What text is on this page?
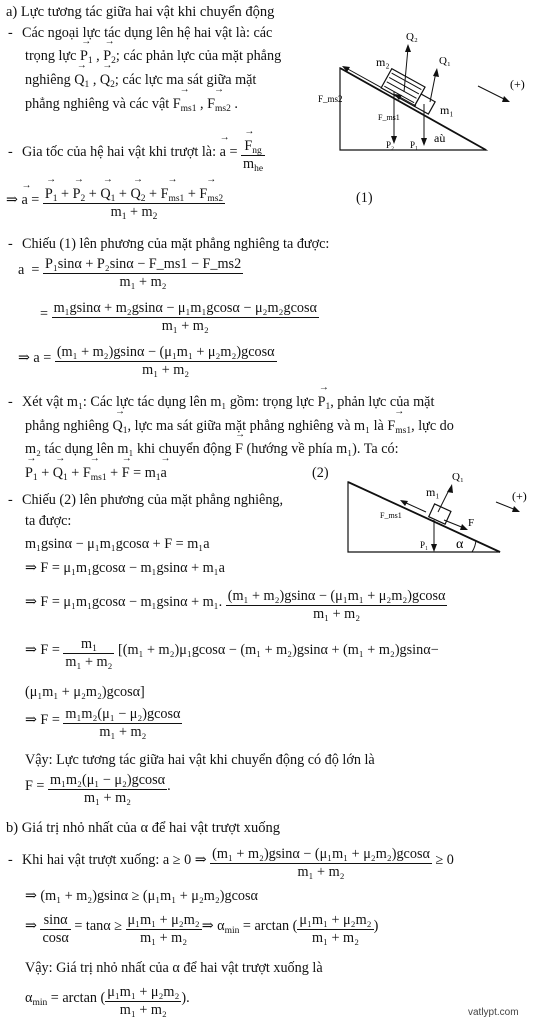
a) Lực tương tác giữa hai vật khi chuyển động
- Các ngoại lực tác dụng lên hệ hai vật là: các
trọng lực → $P_1$ , → $P_2$; các phản lực của mặt phẳng
nghiêng → $Q_1$ , → $Q_2$; các lực ma sát giữa mặt
phẳng nghiêng và các vật → $F_{ms1}$ , → $F_{ms2}$ .
m₂
m₁
Q₂
Q₁
F_ms2
F_ms1
P₂ P₁ aù
(+)
- Gia tốc của hệ hai vật khi trượt là: → a = → $\frac{F_{ng}}{m_{he}}$
⇒ → a = → $\frac{P_1 + \to P_2 + \to Q_1 + \to Q_2 + \to F_{ms1} + \to F_{ms2}}{m_1 + m_2}$	(1)
- Chiếu (1) lên phương của mặt phẳng nghiêng ta được:
$a = \frac{\text{P₁sinα + P₂sinα − F\_ms1 − F\_ms2}}{\text{m₁ + m₂}}$
= $\frac{\text{m₁gsinα + m₂gsinα − μ₁m₁gcosα − μ₂m₂gcosα}}{\text{m₁ + m₂}}$
⇒ $a = \frac{\text{(m₁ + m₂)gsinα − (μ₁m₁ + μ₂m₂)gcosα}}{\text{m₁ + m₂}}$
- Xét vật m₁: Các lực tác dụng lên m₁ gồm: trọng lực → $P_1$, phản lực của mặt
phẳng nghiêng → $Q_1$, lực ma sát giữa mặt phẳng nghiêng và m₁ là → $F_{ms1}$, lực do
m₂ tác dụng lên m₁ khi chuyển động → F (hướng về phía m₁). Ta có:
→ $P_1$ + → $Q_1$ + → $F_{ms1}$ + → $F = m_1\to a$	(2)
- Chiếu (2) lên phương của mặt phẳng nghiêng,
ta được:
m₁
Q₁
F_ms1
F
P₁ α
(+)
m₁gsinα − μ₁m₁gcosα + F = m₁a
⇒ F = μ₁m₁gcosα − m₁gsinα + m₁a
⇒ F = μ₁m₁gcosα − m₁gsinα + m₁. $\frac{\text{(m₁ + m₂)gsinα − (μ₁m₁ + μ₂m₂)gcosα}}{\text{m₁ + m₂}}$
⇒ $F = \frac{m_1}{\text{m₁ + m₂}} [(m_1 + m_2)\mu_1gcos\alpha - (m_1 + m_2)gsin\alpha + (m_1 + m_2)gsin\alpha-$
(μ₁m₁ + μ₂m₂)gcosα]
⇒ $F = \frac{\text{m₁m₂(μ₁ − μ₂)gcosα}}{\text{m₁ + m₂}}$
Vậy: Lực tương tác giữa hai vật khi chuyển động có độ lớn là
$F = \frac{\text{m₁m₂(μ₁ − μ₂)gcosα}}{\text{m₁ + m₂}}$ .
b) Giá trị nhỏ nhất của α để hai vật trượt xuống
- Khi hai vật trượt xuống: a ≥ 0 ⇒ $\frac{\text{(m₁ + m₂)gsinα − (μ₁m₁ + μ₂m₂)gcosα}}{\text{m₁ + m₂}} \ge 0$
⇒ (m₁ + m₂)gsinα ≥ (μ₁m₁ + μ₂m₂)gcosα
⇒ $\frac{\sin\alpha}{\cos\alpha} = \tan\alpha \ge \frac{\text{μ₁m₁ + μ₂m₂}}{\text{m₁ + m₂}}$ ⇒ $\alpha_{min} = \arctan$ ( $\frac{\text{μ₁m₁ + μ₂m₂}}{\text{m₁ + m₂}}$ )
Vậy: Giá trị nhỏ nhất của α để hai vật trượt xuống là
$\alpha_{min} = \arctan$ ( $\frac{\text{μ₁m₁ + μ₂m₂}}{\text{m₁ + m₂}}$ ).
vatlypt.com
